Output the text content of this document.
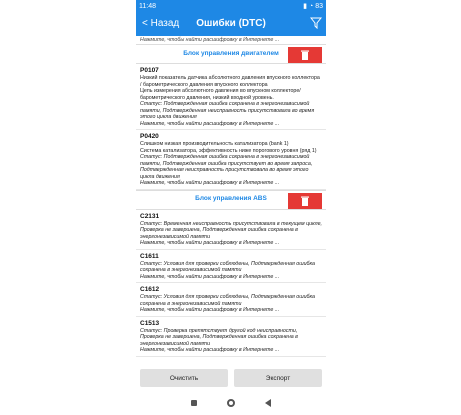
11:48	▮ ◔ 83
< Назад	Ошибки (DTC)
Нажмите, чтобы найти расшифровку в Интернете ...
Блок управления двигателем
P0107
Низкий показатель датчика абсолютного давления впускного коллектора / барометрического давления впускного коллектора
Цепь измерения абсолютного давления во впускном коллекторе/ барометрического давления, низкий входной уровень.
Статус: Подтвержденная ошибка сохранена в энергонезависимой памяти, Подтвержденная неисправность присутствовала во время этого цикла движения
Нажмите, чтобы найти расшифровку в Интернете ...
P0420
Слишком низкая производительность катализатора (bank 1)
Система катализатора, эффективность ниже порогового уровня (ряд 1)
Статус: Подтвержденная ошибка сохранена в энергонезависимой памяти, Подтвержденная ошибка присутствует во время запроса, Подтвержденная неисправность присутствовала во время этого цикла движения
Нажмите, чтобы найти расшифровку в Интернете ...
Блок управления ABS
C2131
Статус: Временная неисправность присутствовала в текущем цикле, Проверка не завершена, Подтвержденная ошибка сохранена в энергонезависимой памяти
Нажмите, чтобы найти расшифровку в Интернете ...
C1611
Статус: Условия для проверки соблюдены, Подтвержденная ошибка сохранена в энергонезависимой памяти
Нажмите, чтобы найти расшифровку в Интернете ...
C1612
Статус: Условия для проверки соблюдены, Подтвержденная ошибка сохранена в энергонезависимой памяти
Нажмите, чтобы найти расшифровку в Интернете ...
C1513
Статус: Проверка препятствует другой код неисправности, Проверка не завершена, Подтвержденная ошибка сохранена в энергонезависимой памяти
Нажмите, чтобы найти расшифровку в Интернете ...
Очистить	Экспорт
